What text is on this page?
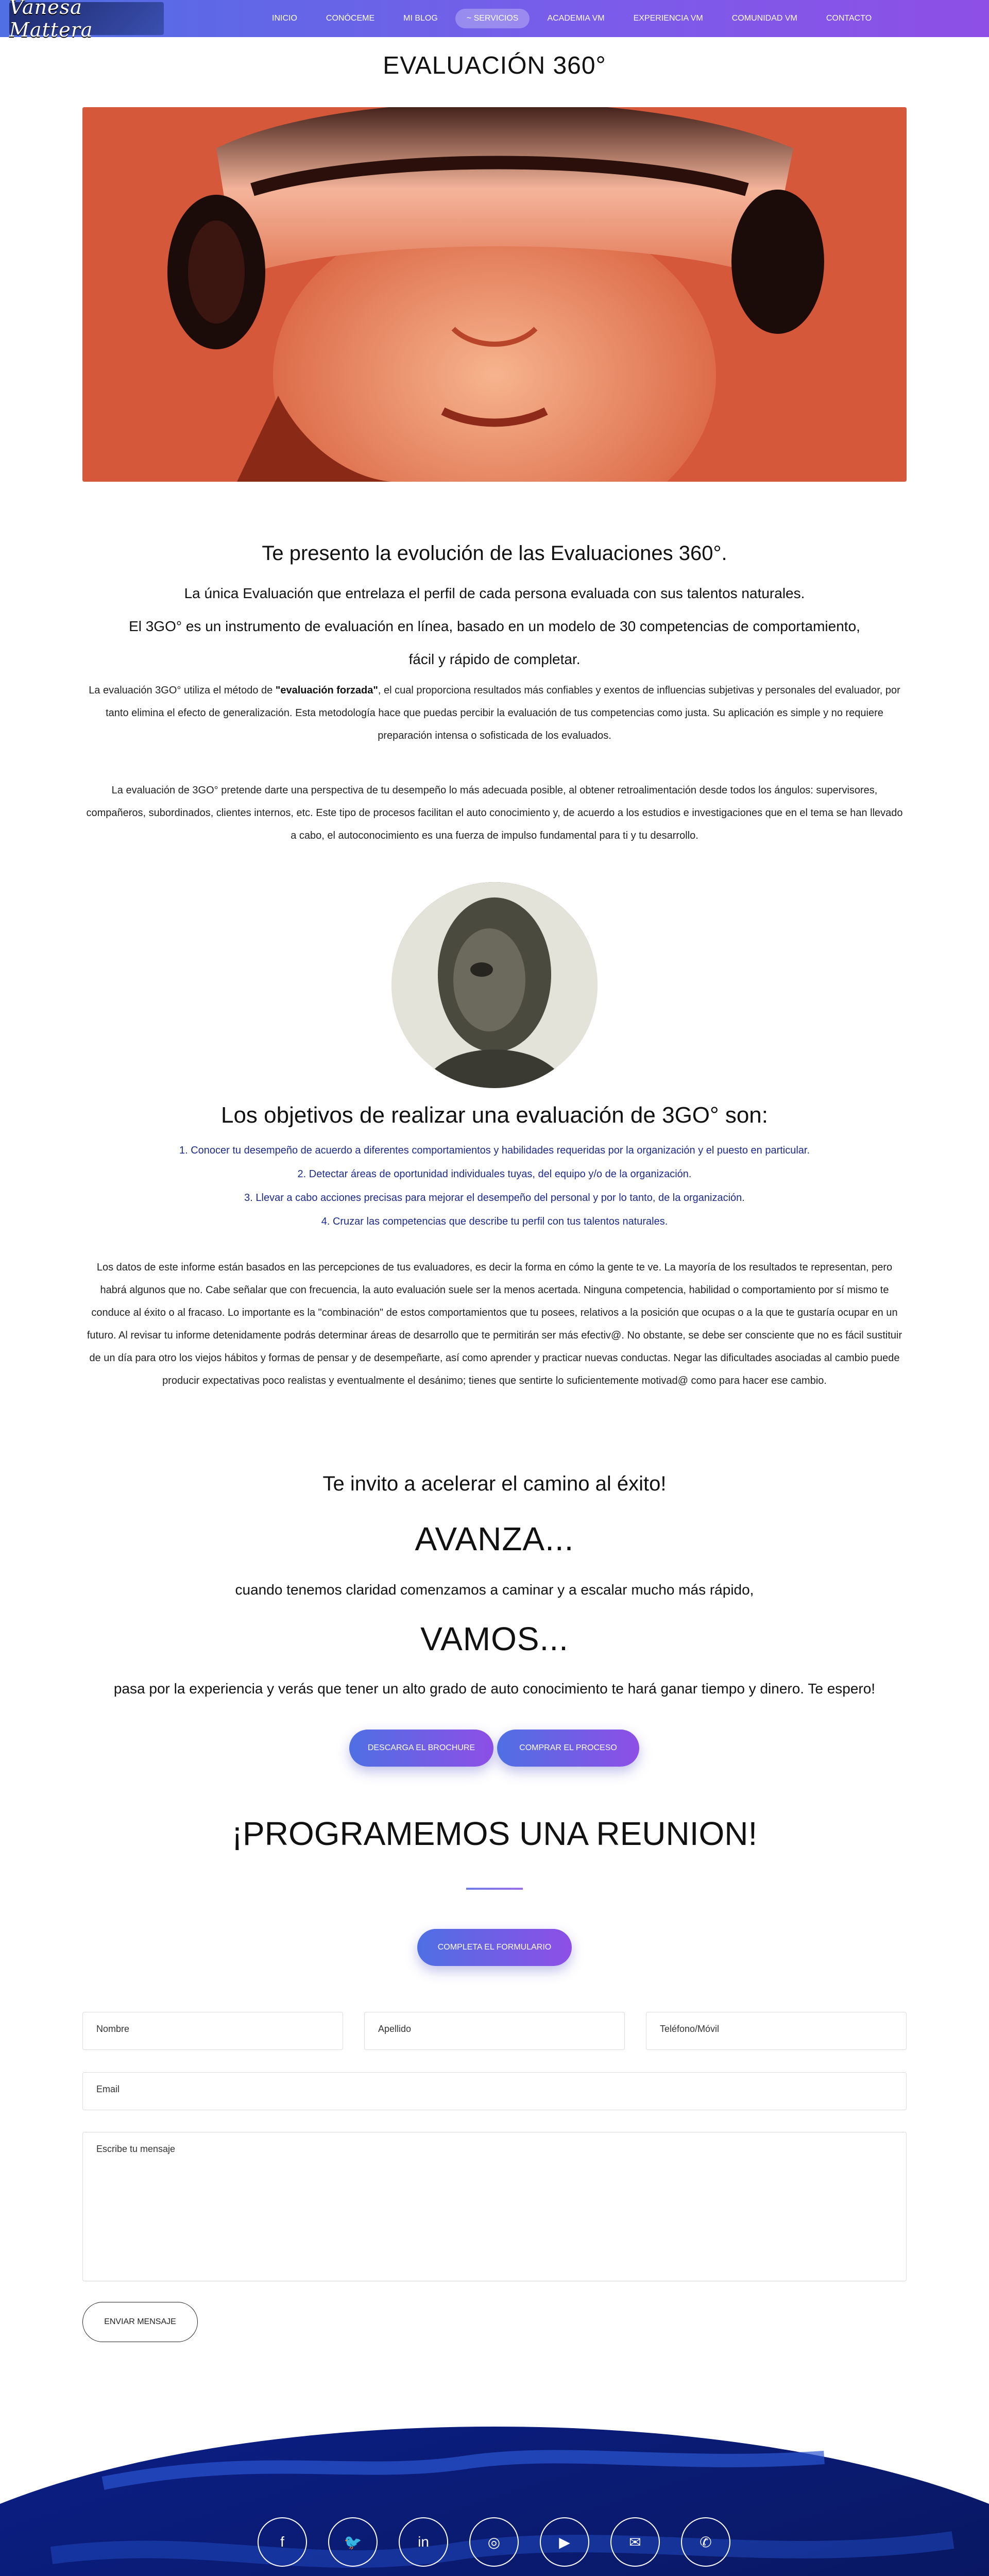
Vanesa Mattera
INICIO	CONÓCEME	MI BLOG	~ SERVICIOS	ACADEMIA VM	EXPERIENCIA VM	COMUNIDAD VM	CONTACTO
EVALUACIÓN 360°
Te presento la evolución de las Evaluaciones 360°.
La única Evaluación que entrelaza el perfil de cada persona evaluada con sus talentos naturales.
El 3GO° es un instrumento de evaluación en línea, basado en un modelo de 30 competencias de comportamiento,
fácil y rápido de completar.
La evaluación 3GO° utiliza el método de "evaluación forzada", el cual proporciona resultados más confiables y exentos de influencias subjetivas y personales del evaluador, por tanto elimina el efecto de generalización. Esta metodología hace que puedas percibir la evaluación de tus competencias como justa. Su aplicación es simple y no requiere preparación intensa o sofisticada de los evaluados.
La evaluación de 3GO° pretende darte una perspectiva de tu desempeño lo más adecuada posible, al obtener retroalimentación desde todos los ángulos: supervisores, compañeros, subordinados, clientes internos, etc. Este tipo de procesos facilitan el auto conocimiento y, de acuerdo a los estudios e investigaciones que en el tema se han llevado a cabo, el autoconocimiento es una fuerza de impulso fundamental para ti y tu desarrollo.
Los objetivos de realizar una evaluación de 3GO° son:
1. Conocer tu desempeño de acuerdo a diferentes comportamientos y habilidades requeridas por la organización y el puesto en particular.
2. Detectar áreas de oportunidad individuales tuyas, del equipo y/o de la organización.
3. Llevar a cabo acciones precisas para mejorar el desempeño del personal y por lo tanto, de la organización.
4. Cruzar las competencias que describe tu perfil con tus talentos naturales.
Los datos de este informe están basados en las percepciones de tus evaluadores, es decir la forma en cómo la gente te ve. La mayoría de los resultados te representan, pero habrá algunos que no. Cabe señalar que con frecuencia, la auto evaluación suele ser la menos acertada. Ninguna competencia, habilidad o comportamiento por sí mismo te conduce al éxito o al fracaso. Lo importante es la "combinación" de estos comportamientos que tu posees, relativos a la posición que ocupas o a la que te gustaría ocupar en un futuro. Al revisar tu informe detenidamente podrás determinar áreas de desarrollo que te permitirán ser más efectiv@. No obstante, se debe ser consciente que no es fácil sustituir de un día para otro los viejos hábitos y formas de pensar y de desempeñarte, así como aprender y practicar nuevas conductas. Negar las dificultades asociadas al cambio puede producir expectativas poco realistas y eventualmente el desánimo; tienes que sentirte lo suficientemente motivad@ como para hacer ese cambio.
Te invito a acelerar el camino al éxito!
AVANZA...
cuando tenemos claridad comenzamos a caminar y a escalar mucho más rápido,
VAMOS...
pasa por la experiencia y verás que tener un alto grado de auto conocimiento te hará ganar tiempo y dinero. Te espero!
DESCARGA EL BROCHURE	COMPRAR EL PROCESO
¡PROGRAMEMOS UNA REUNION!
COMPLETA EL FORMULARIO
Nombre	Apellido	Teléfono/Móvil
Email
Escribe tu mensaje
ENVIAR MENSAJE
f	🐦	in	◎	▶	✉	✆
